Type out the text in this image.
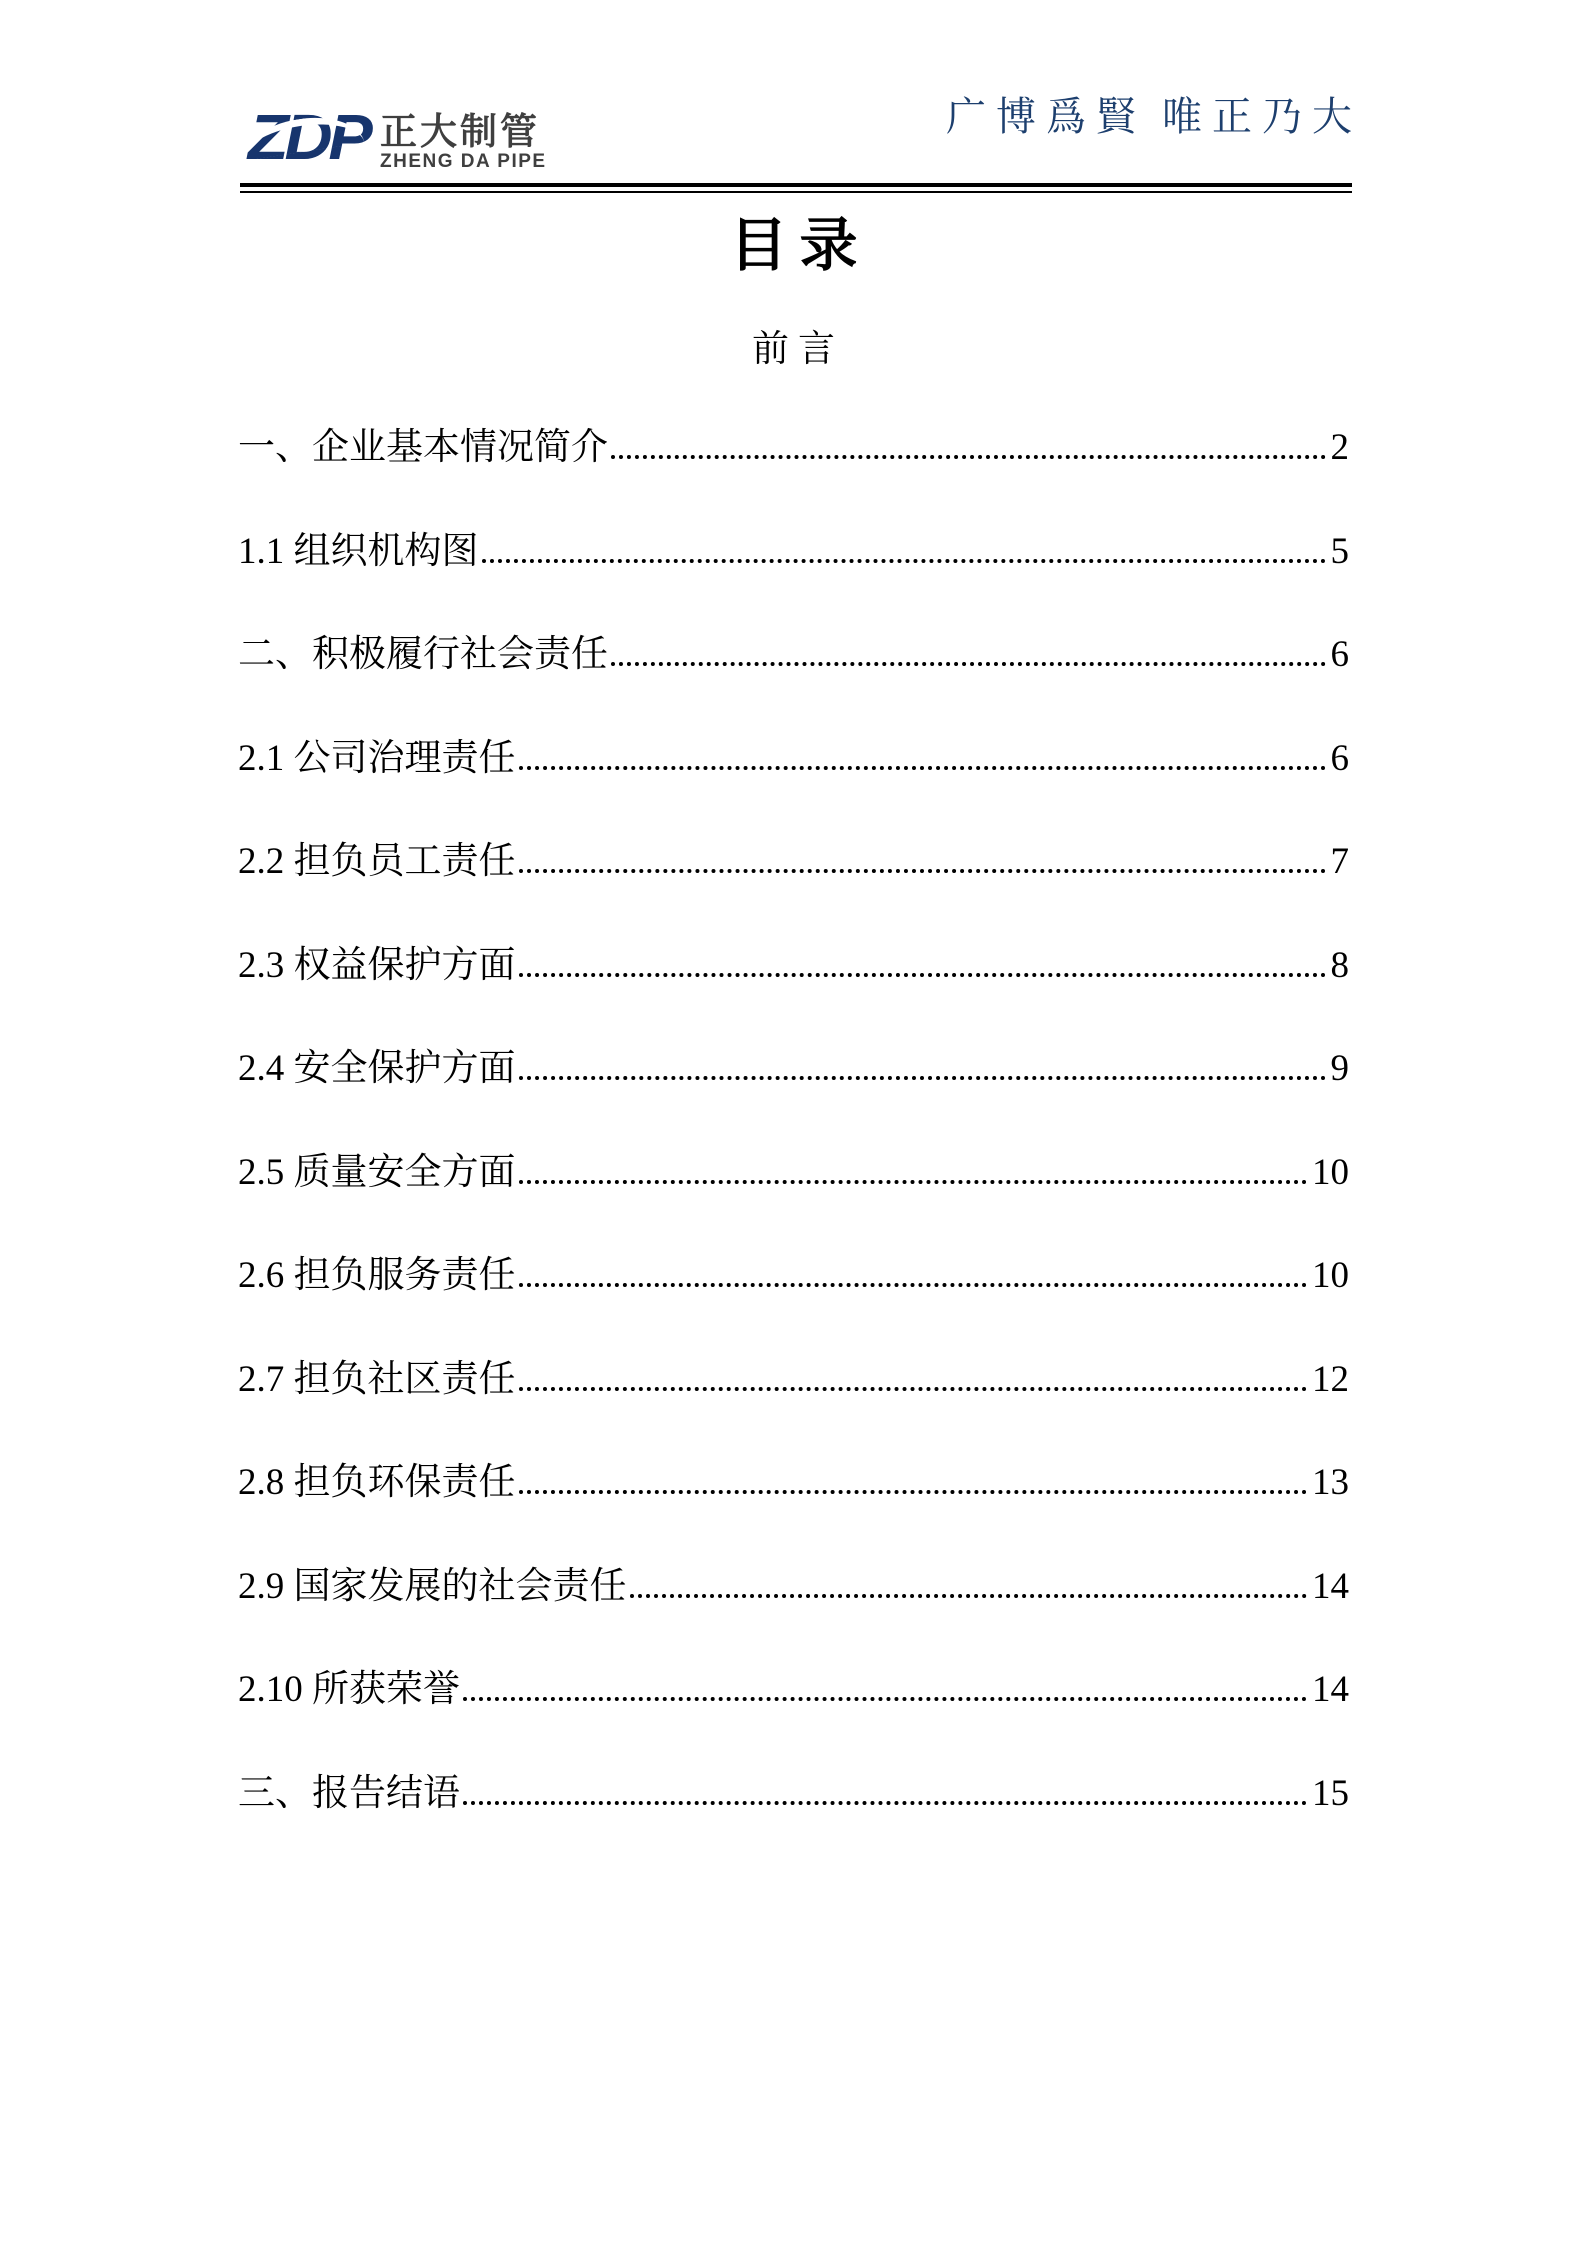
ZDP 正大制管
ZHENG DA PIPE
广博爲賢 唯正乃大
目录
前言
一、企业基本情况简介	2
1.1 组织机构图	5
二、积极履行社会责任	6
2.1 公司治理责任	6
2.2 担负员工责任	7
2.3 权益保护方面	8
2.4 安全保护方面	9
2.5 质量安全方面	10
2.6 担负服务责任	10
2.7 担负社区责任	12
2.8 担负环保责任	13
2.9 国家发展的社会责任	14
2.10 所获荣誉	14
三、报告结语	15
